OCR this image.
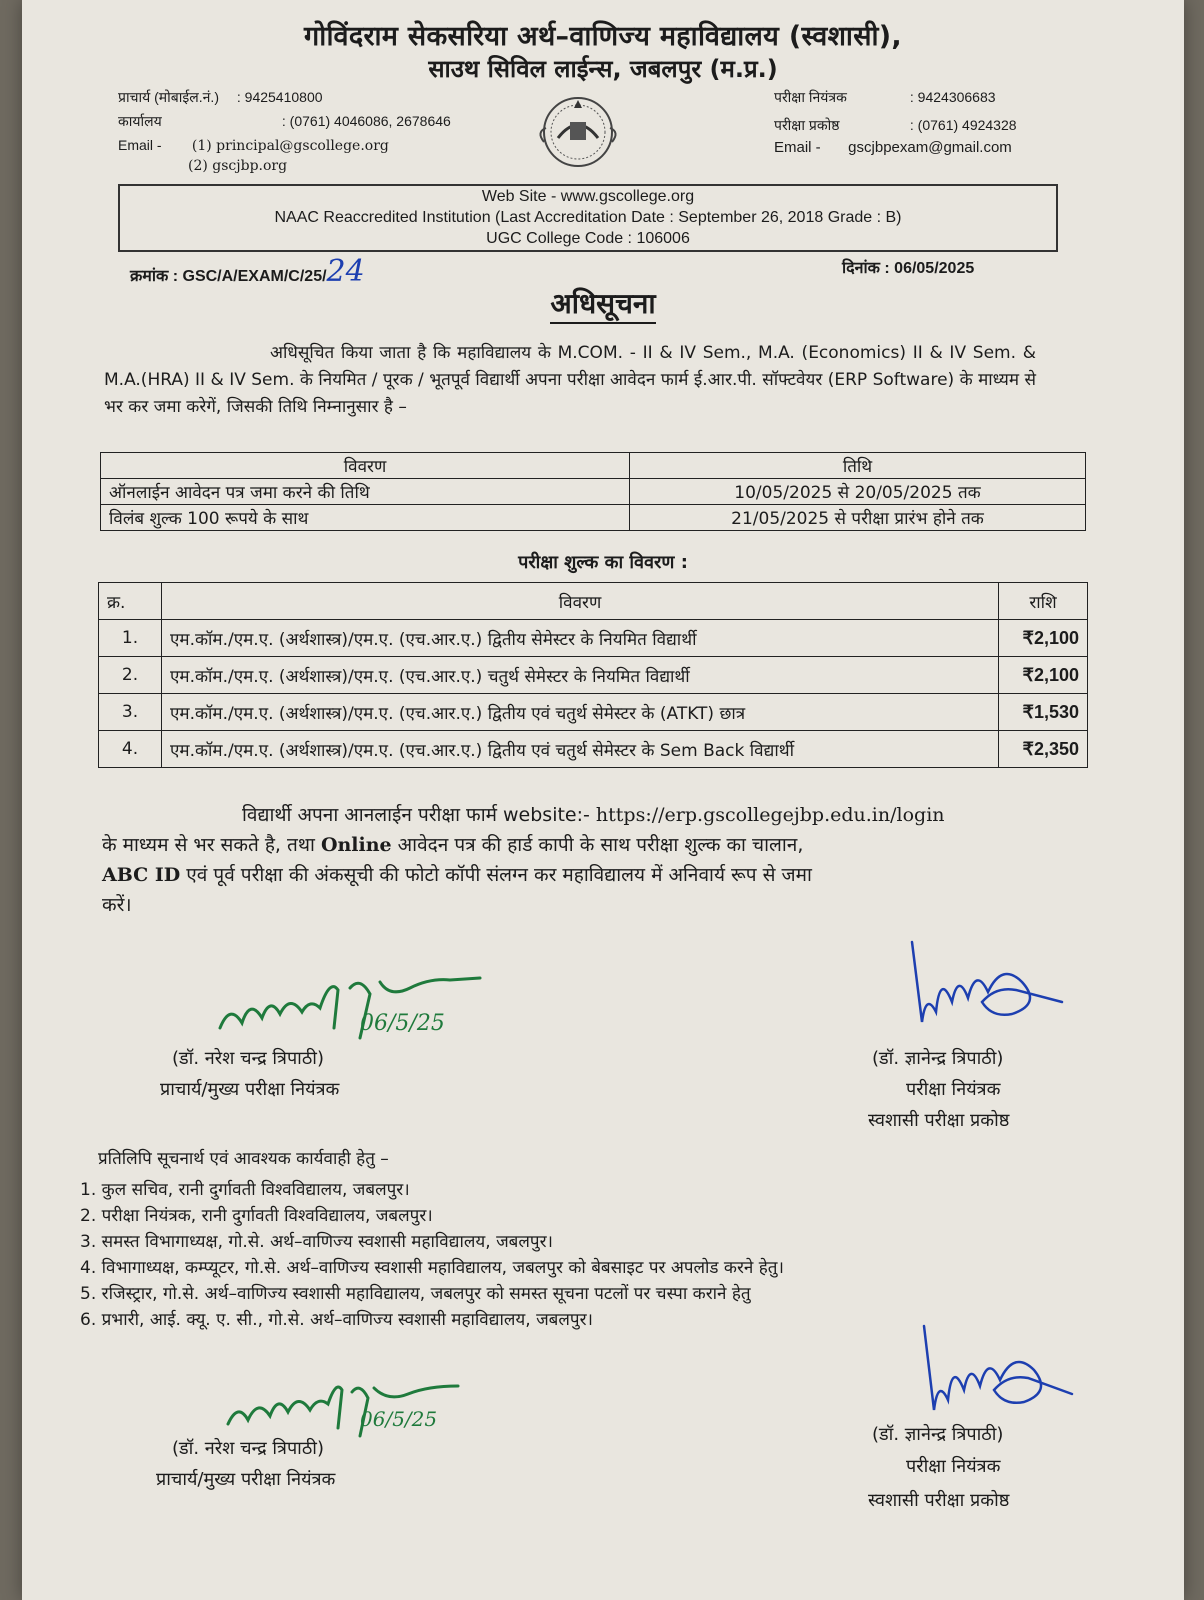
गोविंदराम सेकसरिया अर्थ–वाणिज्य महाविद्यालय (स्वशासी),
साउथ सिविल लाईन्स, जबलपुर (म.प्र.)
प्राचार्य (मोबाईल.नं.) : 9425410800
कार्यालय	: (0761) 4046086, 2678646
Email - (1) principal@gscollege.org
(2) gscjbp.org
परीक्षा नियंत्रक	: 9424306683
परीक्षा प्रकोष्ठ	: (0761) 4924328
Email - gscjbpexam@gmail.com
Web Site - www.gscollege.org
NAAC Reaccredited Institution (Last Accreditation Date : September 26, 2018 Grade : B)
UGC College Code : 106006
क्रमांक : GSC/A/EXAM/C/25/24	दिनांक : 06/05/2025
अधिसूचना
अधिसूचित किया जाता है कि महाविद्यालय के M.COM. - II & IV Sem., M.A. (Economics) II & IV Sem. & M.A.(HRA) II & IV Sem. के नियमित / पूरक / भूतपूर्व विद्यार्थी अपना परीक्षा आवेदन फार्म ई.आर.पी. सॉफ्टवेयर (ERP Software) के माध्यम से भर कर जमा करेगें, जिसकी तिथि निम्नानुसार है –
विवरण	तिथि
ऑनलाईन आवेदन पत्र जमा करने की तिथि	10/05/2025 से 20/05/2025 तक
विलंब शुल्क 100 रूपये के साथ	21/05/2025 से परीक्षा प्रारंभ होने तक
परीक्षा शुल्क का विवरण :
क्र.	विवरण	राशि
1.	एम.कॉम./एम.ए. (अर्थशास्त्र)/एम.ए. (एच.आर.ए.) द्वितीय सेमेस्टर के नियमित विद्यार्थी	₹2,100
2.	एम.कॉम./एम.ए. (अर्थशास्त्र)/एम.ए. (एच.आर.ए.) चतुर्थ सेमेस्टर के नियमित विद्यार्थी	₹2,100
3.	एम.कॉम./एम.ए. (अर्थशास्त्र)/एम.ए. (एच.आर.ए.) द्वितीय एवं चतुर्थ सेमेस्टर के (ATKT) छात्र	₹1,530
4.	एम.कॉम./एम.ए. (अर्थशास्त्र)/एम.ए. (एच.आर.ए.) द्वितीय एवं चतुर्थ सेमेस्टर के Sem Back विद्यार्थी	₹2,350
विद्यार्थी अपना आनलाईन परीक्षा फार्म website:- https://erp.gscollegejbp.edu.in/login
के माध्यम से भर सकते है, तथा Online आवेदन पत्र की हार्ड कापी के साथ परीक्षा शुल्क का चालान,
ABC ID एवं पूर्व परीक्षा की अंकसूची की फोटो कॉपी संलग्न कर महाविद्यालय में अनिवार्य रूप से जमा
करें।
06/5/25
(डॉ. नरेश चन्द्र त्रिपाठी)
प्राचार्य/मुख्य परीक्षा नियंत्रक
(डॉ. ज्ञानेन्द्र त्रिपाठी)
परीक्षा नियंत्रक
स्वशासी परीक्षा प्रकोष्ठ
प्रतिलिपि सूचनार्थ एवं आवश्यक कार्यवाही हेतु –
1. कुल सचिव, रानी दुर्गावती विश्वविद्यालय, जबलपुर।
2. परीक्षा नियंत्रक, रानी दुर्गावती विश्वविद्यालय, जबलपुर।
3. समस्त विभागाध्यक्ष, गो.से. अर्थ–वाणिज्य स्वशासी महाविद्यालय, जबलपुर।
4. विभागाध्यक्ष, कम्प्यूटर, गो.से. अर्थ–वाणिज्य स्वशासी महाविद्यालय, जबलपुर को बेबसाइट पर अपलोड करने हेतु।
5. रजिस्ट्रार, गो.से. अर्थ–वाणिज्य स्वशासी महाविद्यालय, जबलपुर को समस्त सूचना पटलों पर चस्पा कराने हेतु
6. प्रभारी, आई. क्यू. ए. सी., गो.से. अर्थ–वाणिज्य स्वशासी महाविद्यालय, जबलपुर।
06/5/25
(डॉ. ज्ञानेन्द्र त्रिपाठी)
(डॉ. नरेश चन्द्र त्रिपाठी)
परीक्षा नियंत्रक
प्राचार्य/मुख्य परीक्षा नियंत्रक
स्वशासी परीक्षा प्रकोष्ठ
